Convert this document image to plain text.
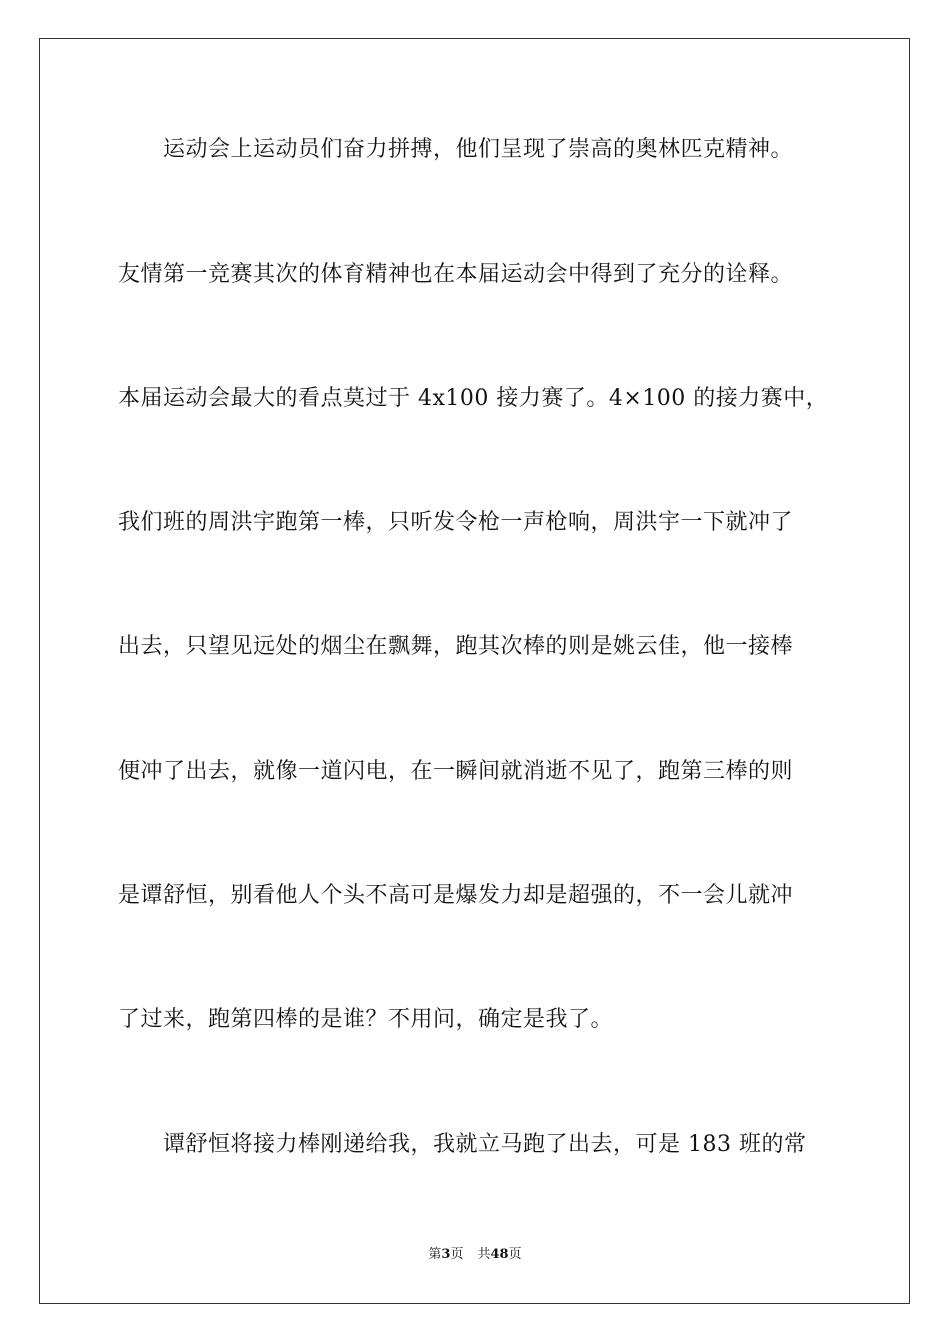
运动会上运动员们奋力拼搏，他们呈现了崇高的奥林匹克精神。
友情第一竞赛其次的体育精神也在本届运动会中得到了充分的诠释。
本届运动会最大的看点莫过于 4x100 接力赛了。4×100 的接力赛中，
我们班的周洪宇跑第一棒，只听发令枪一声枪响，周洪宇一下就冲了
出去，只望见远处的烟尘在飘舞，跑其次棒的则是姚云佳，他一接棒
便冲了出去，就像一道闪电，在一瞬间就消逝不见了，跑第三棒的则
是谭舒恒，别看他人个头不高可是爆发力却是超强的，不一会儿就冲
了过来，跑第四棒的是谁？不用问，确定是我了。
谭舒恒将接力棒刚递给我，我就立马跑了出去，可是 183 班的常
第3页 共48页
